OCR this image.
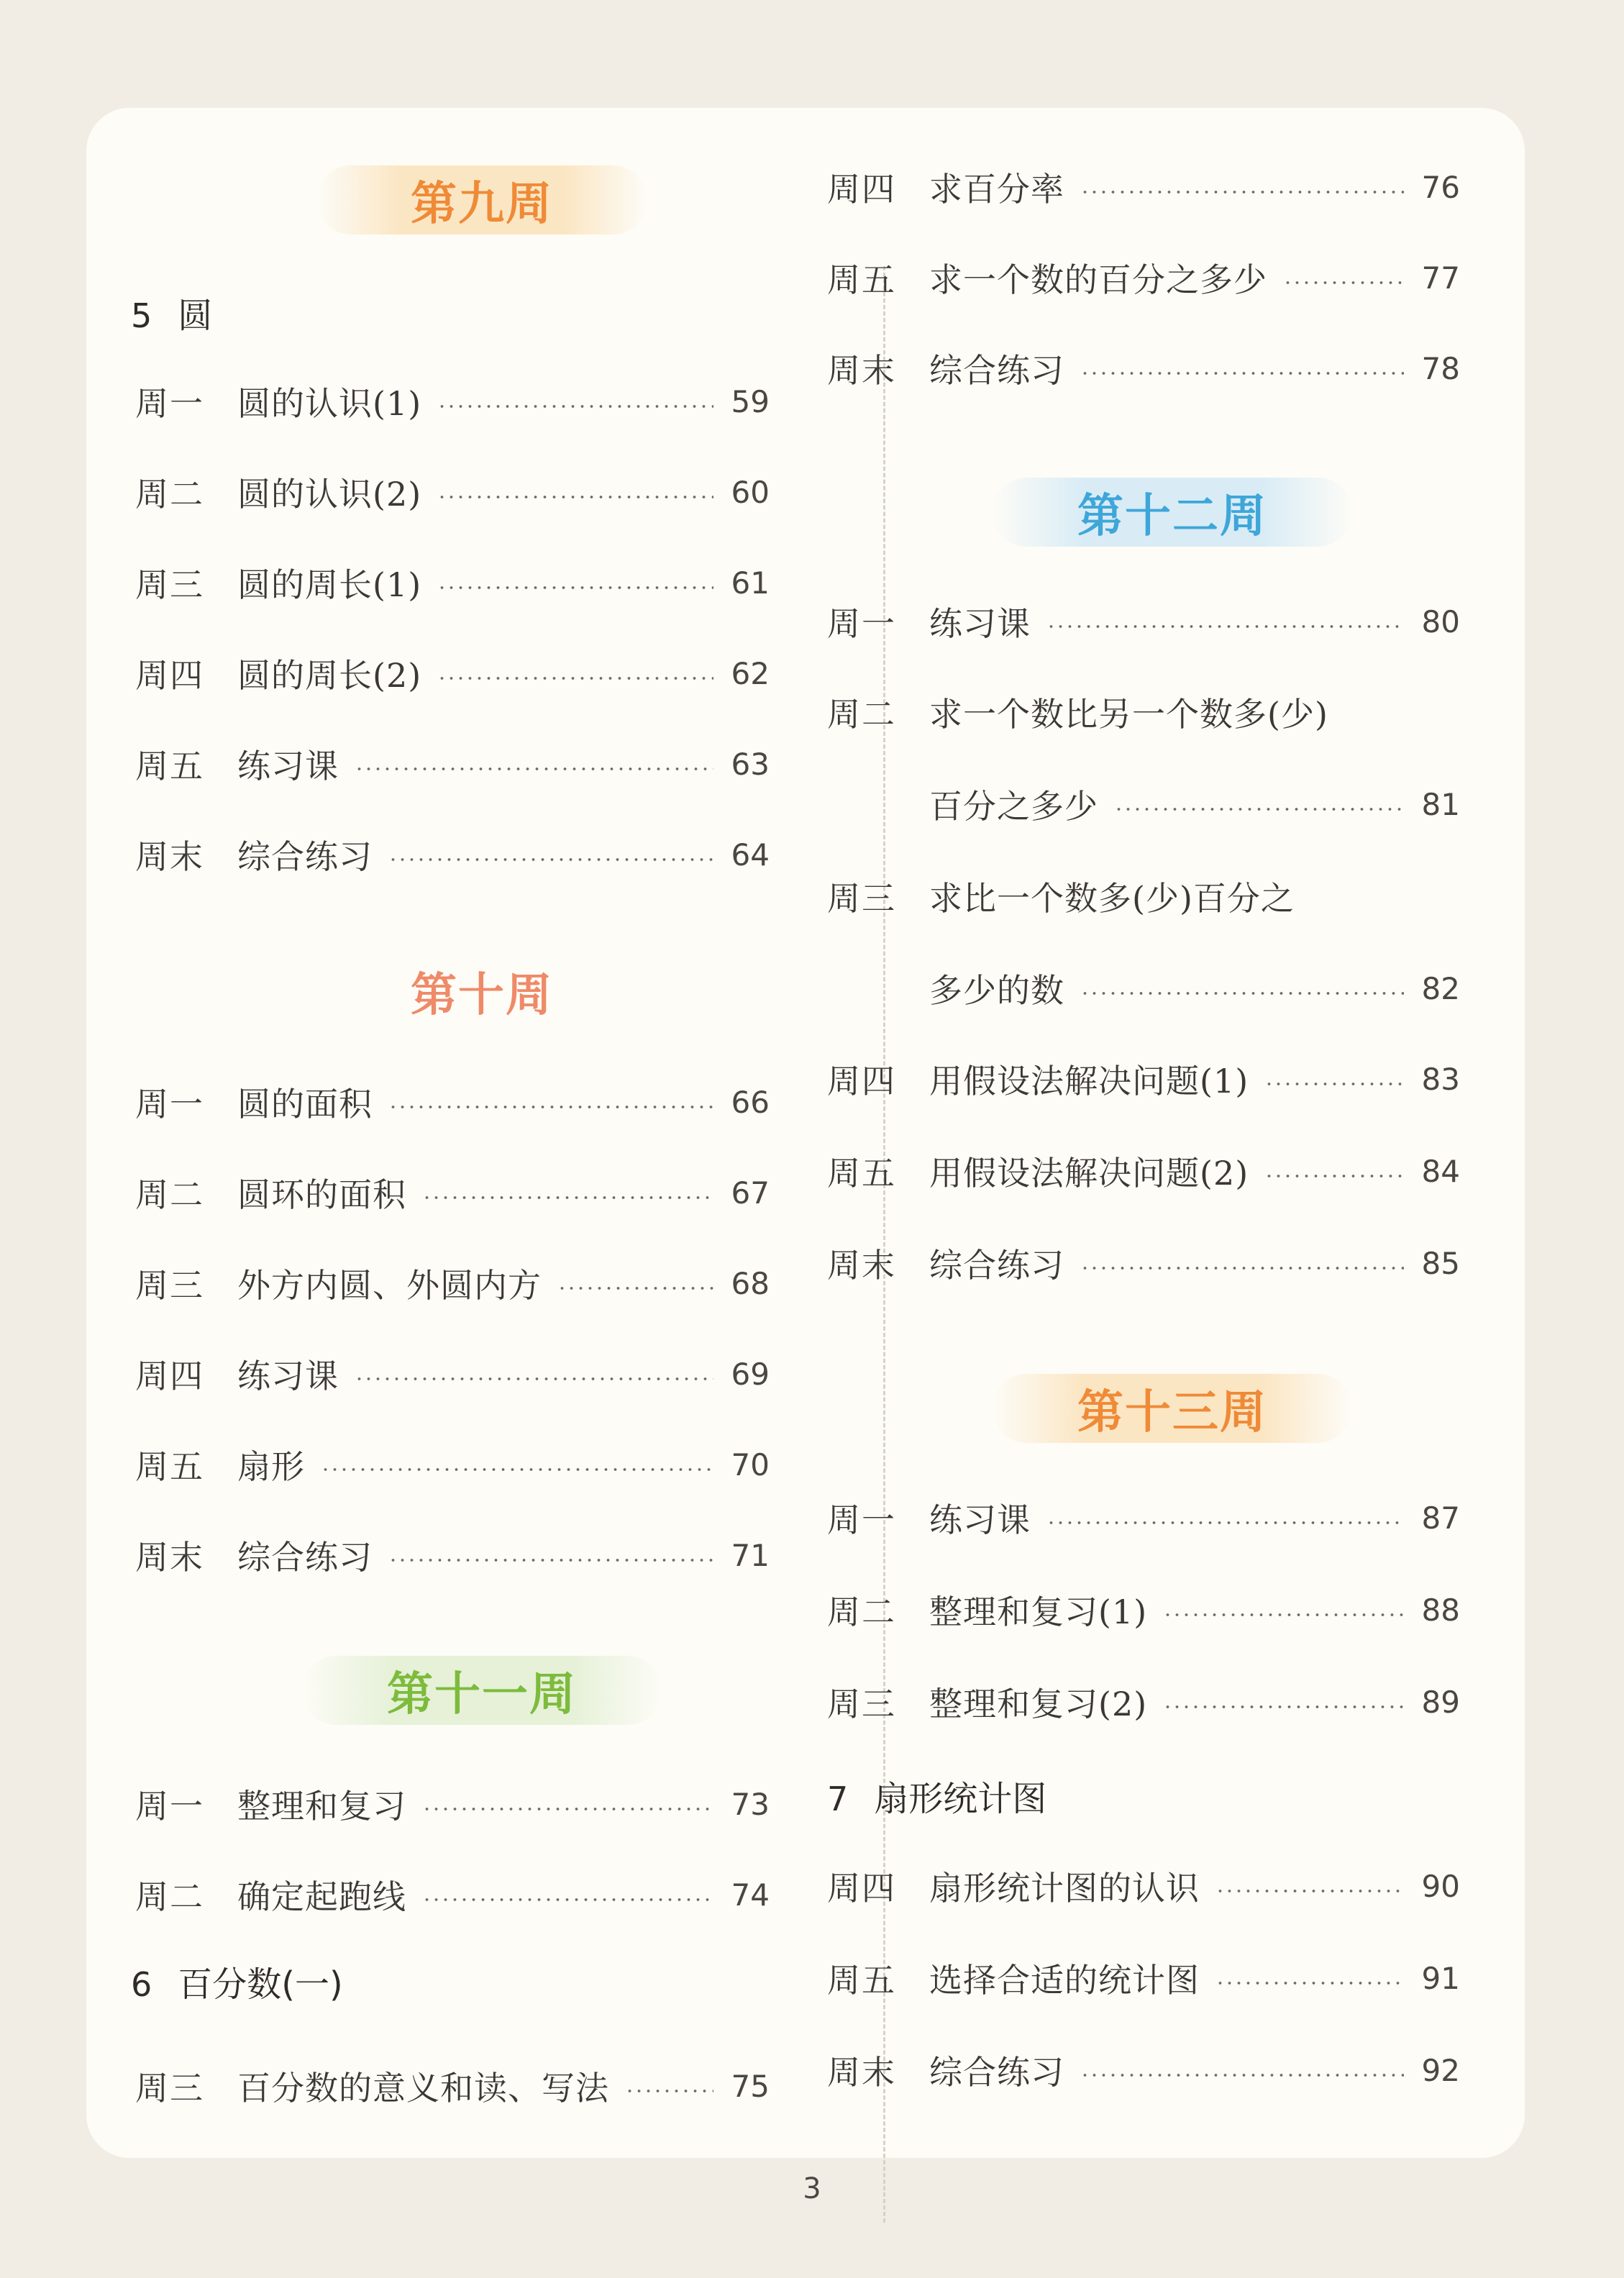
第九周
5 圆
周一	圆的认识(1)	59
周二	圆的认识(2)	60
周三	圆的周长(1)	61
周四	圆的周长(2)	62
周五	练习课	63
周末	综合练习	64
第十周
周一	圆的面积	66
周二	圆环的面积	67
周三	外方内圆、外圆内方	68
周四	练习课	69
周五	扇形	70
周末	综合练习	71
第十一周
周一	整理和复习	73
周二	确定起跑线	74
6 百分数(一)
周三	百分数的意义和读、写法	75
周四	求百分率	76
周五	求一个数的百分之多少	77
周末	综合练习	78
第十二周
周一	练习课	80
周二	求一个数比另一个数多(少)
百分之多少	81
周三	求比一个数多(少)百分之
多少的数	82
周四	用假设法解决问题(1)	83
周五	用假设法解决问题(2)	84
周末	综合练习	85
第十三周
周一	练习课	87
周二	整理和复习(1)	88
周三	整理和复习(2)	89
7 扇形统计图
周四	扇形统计图的认识	90
周五	选择合适的统计图	91
周末	综合练习	92
3
